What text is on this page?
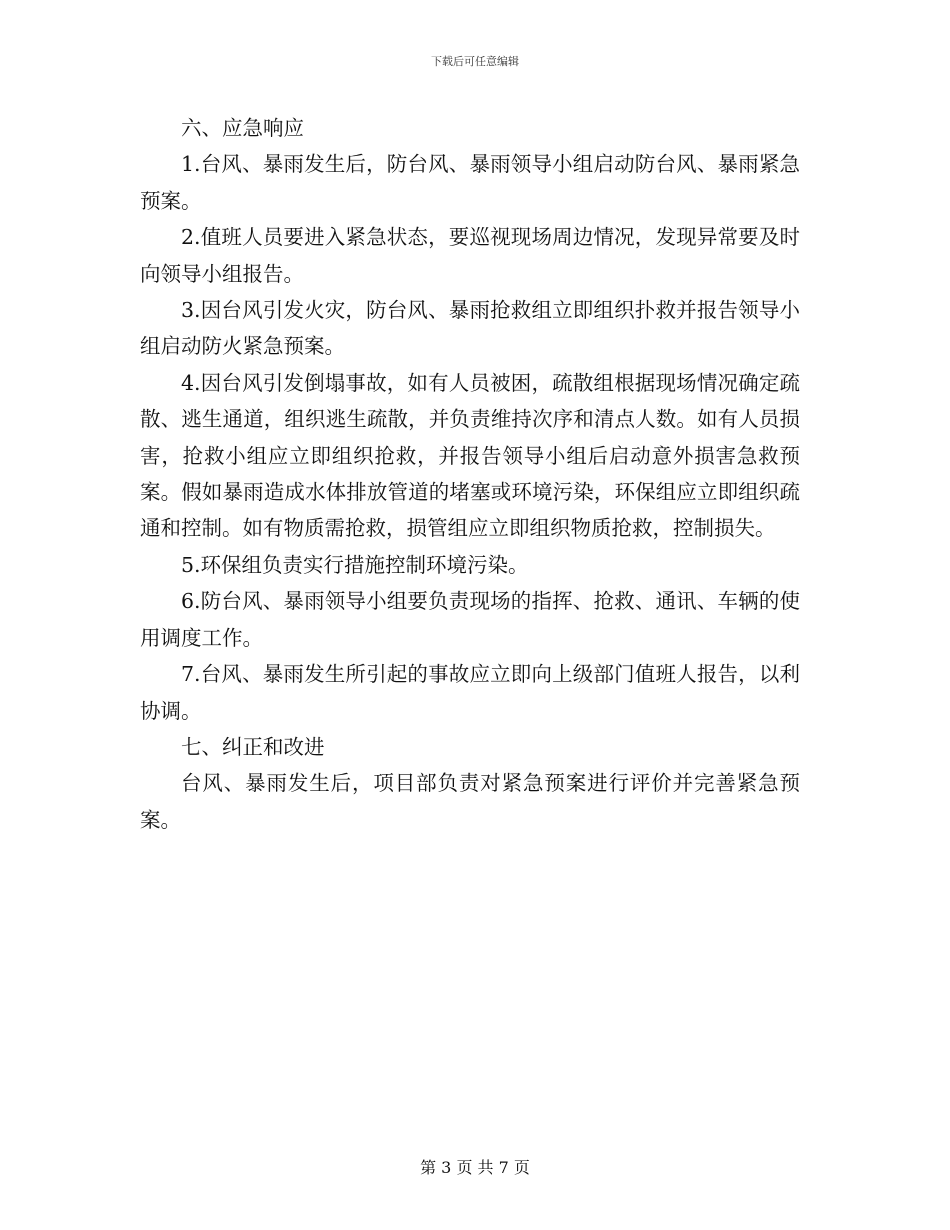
下载后可任意编辑

六、应急响应

1.台风、暴雨发生后，防台风、暴雨领导小组启动防台风、暴雨紧急预案。

2.值班人员要进入紧急状态，要巡视现场周边情况，发现异常要及时向领导小组报告。

3.因台风引发火灾，防台风、暴雨抢救组立即组织扑救并报告领导小组启动防火紧急预案。

4.因台风引发倒塌事故，如有人员被困，疏散组根据现场情况确定疏散、逃生通道，组织逃生疏散，并负责维持次序和清点人数。如有人员损害，抢救小组应立即组织抢救，并报告领导小组后启动意外损害急救预案。假如暴雨造成水体排放管道的堵塞或环境污染，环保组应立即组织疏通和控制。如有物质需抢救，损管组应立即组织物质抢救，控制损失。

5.环保组负责实行措施控制环境污染。

6.防台风、暴雨领导小组要负责现场的指挥、抢救、通讯、车辆的使用调度工作。

7.台风、暴雨发生所引起的事故应立即向上级部门值班人报告，以利协调。

七、纠正和改进

台风、暴雨发生后，项目部负责对紧急预案进行评价并完善紧急预案。

第 3 页 共 7 页
